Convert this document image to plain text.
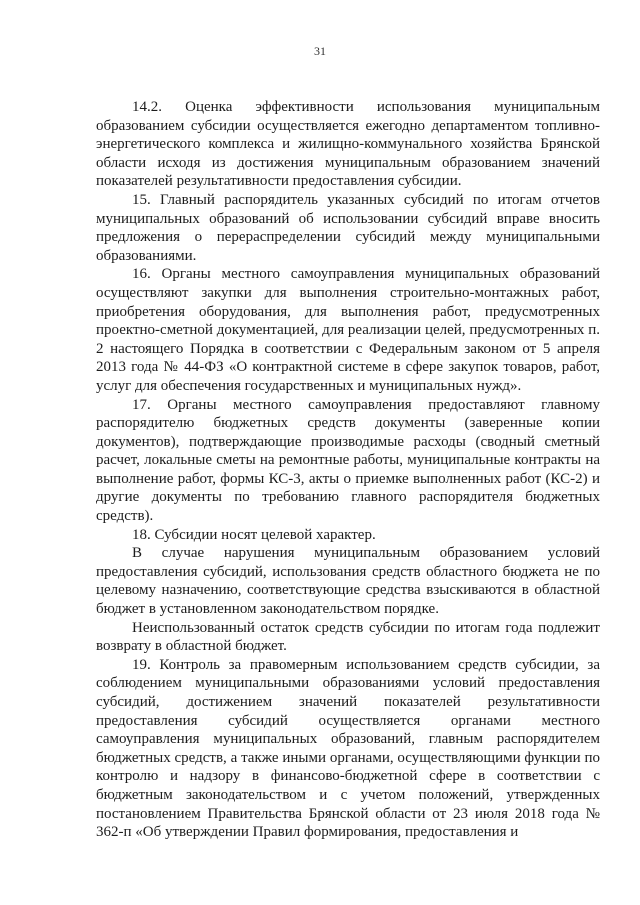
31

14.2. Оценка эффективности использования муниципальным образованием субсидии осуществляется ежегодно департаментом топливно-энергетического комплекса и жилищно-коммунального хозяйства Брянской области исходя из достижения муниципальным образованием значений показателей результативности предоставления субсидии.

15. Главный распорядитель указанных субсидий по итогам отчетов муниципальных образований об использовании субсидий вправе вносить предложения о перераспределении субсидий между муниципальными образованиями.

16. Органы местного самоуправления муниципальных образований осуществляют закупки для выполнения строительно-монтажных работ, приобретения оборудования, для выполнения работ, предусмотренных проектно-сметной документацией, для реализации целей, предусмотренных п. 2 настоящего Порядка в соответствии с Федеральным законом от 5 апреля 2013 года № 44-ФЗ «О контрактной системе в сфере закупок товаров, работ, услуг для обеспечения государственных и муниципальных нужд».

17. Органы местного самоуправления предоставляют главному распорядителю бюджетных средств документы (заверенные копии документов), подтверждающие производимые расходы (сводный сметный расчет, локальные сметы на ремонтные работы, муниципальные контракты на выполнение работ, формы КС-3, акты о приемке выполненных работ (КС-2) и другие документы по требованию главного распорядителя бюджетных средств).

18. Субсидии носят целевой характер.

В случае нарушения муниципальным образованием условий предоставления субсидий, использования средств областного бюджета не по целевому назначению, соответствующие средства взыскиваются в областной бюджет в установленном законодательством порядке.

Неиспользованный остаток средств субсидии по итогам года подлежит возврату в областной бюджет.

19. Контроль за правомерным использованием средств субсидии, за соблюдением муниципальными образованиями условий предоставления субсидий, достижением значений показателей результативности предоставления субсидий осуществляется органами местного самоуправления муниципальных образований, главным распорядителем бюджетных средств, а также иными органами, осуществляющими функции по контролю и надзору в финансово-бюджетной сфере в соответствии с бюджетным законодательством и с учетом положений, утвержденных постановлением Правительства Брянской области от 23 июля 2018 года № 362-п «Об утверждении Правил формирования, предоставления и
